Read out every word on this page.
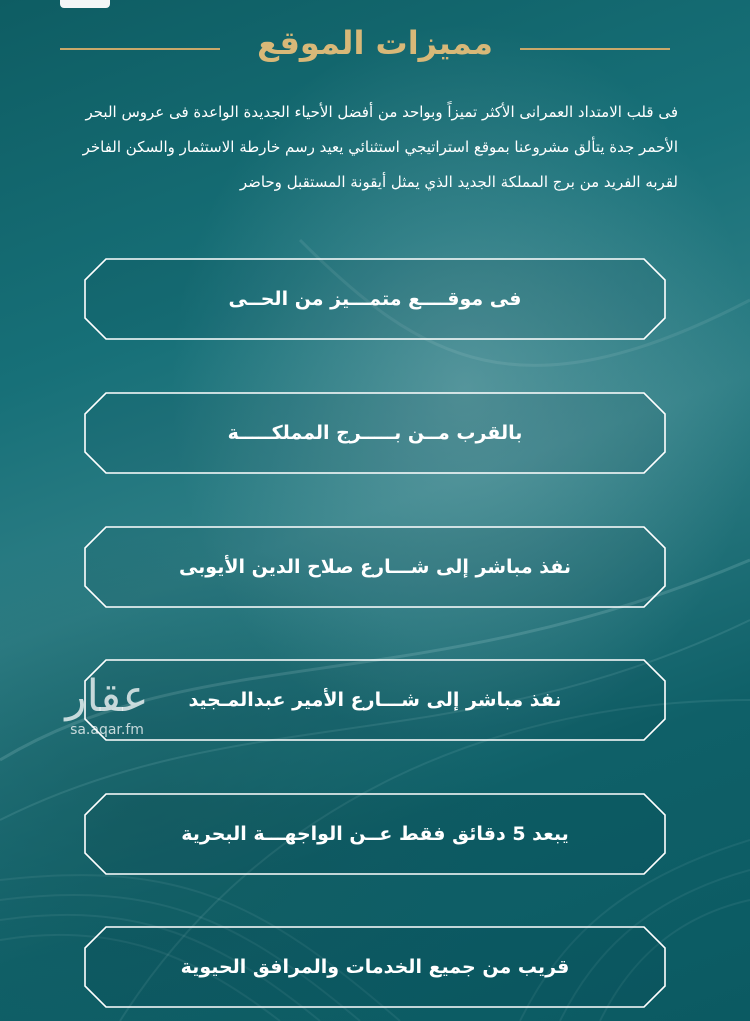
مميزات الموقع
فى قلب الامتداد العمرانى الأكثر تميزاً وبواحد من أفضل الأحياء الجديدة الواعدة فى عروس البحر الأحمر جدة يتألق مشروعنا بموقع استراتيجي استثنائي يعيد رسم خارطة الاستثمار والسكن الفاخر لقربه الفريد من برج المملكة الجديد الذي يمثل أيقونة المستقبل وحاضر
فى موقــــع متمـــيز من الحــى
بالقرب مــن بـــــرج المملكـــــة
نفذ مباشر إلى شـــارع صلاح الدين الأيوبى
نفذ مباشر إلى شـــارع الأمير عبدالمـجيد
يبعد 5 دقائق فقط عــن الواجهـــة البحرية
قريب من جميع الخدمات والمرافق الحيوية
عقار
sa.aqar.fm
